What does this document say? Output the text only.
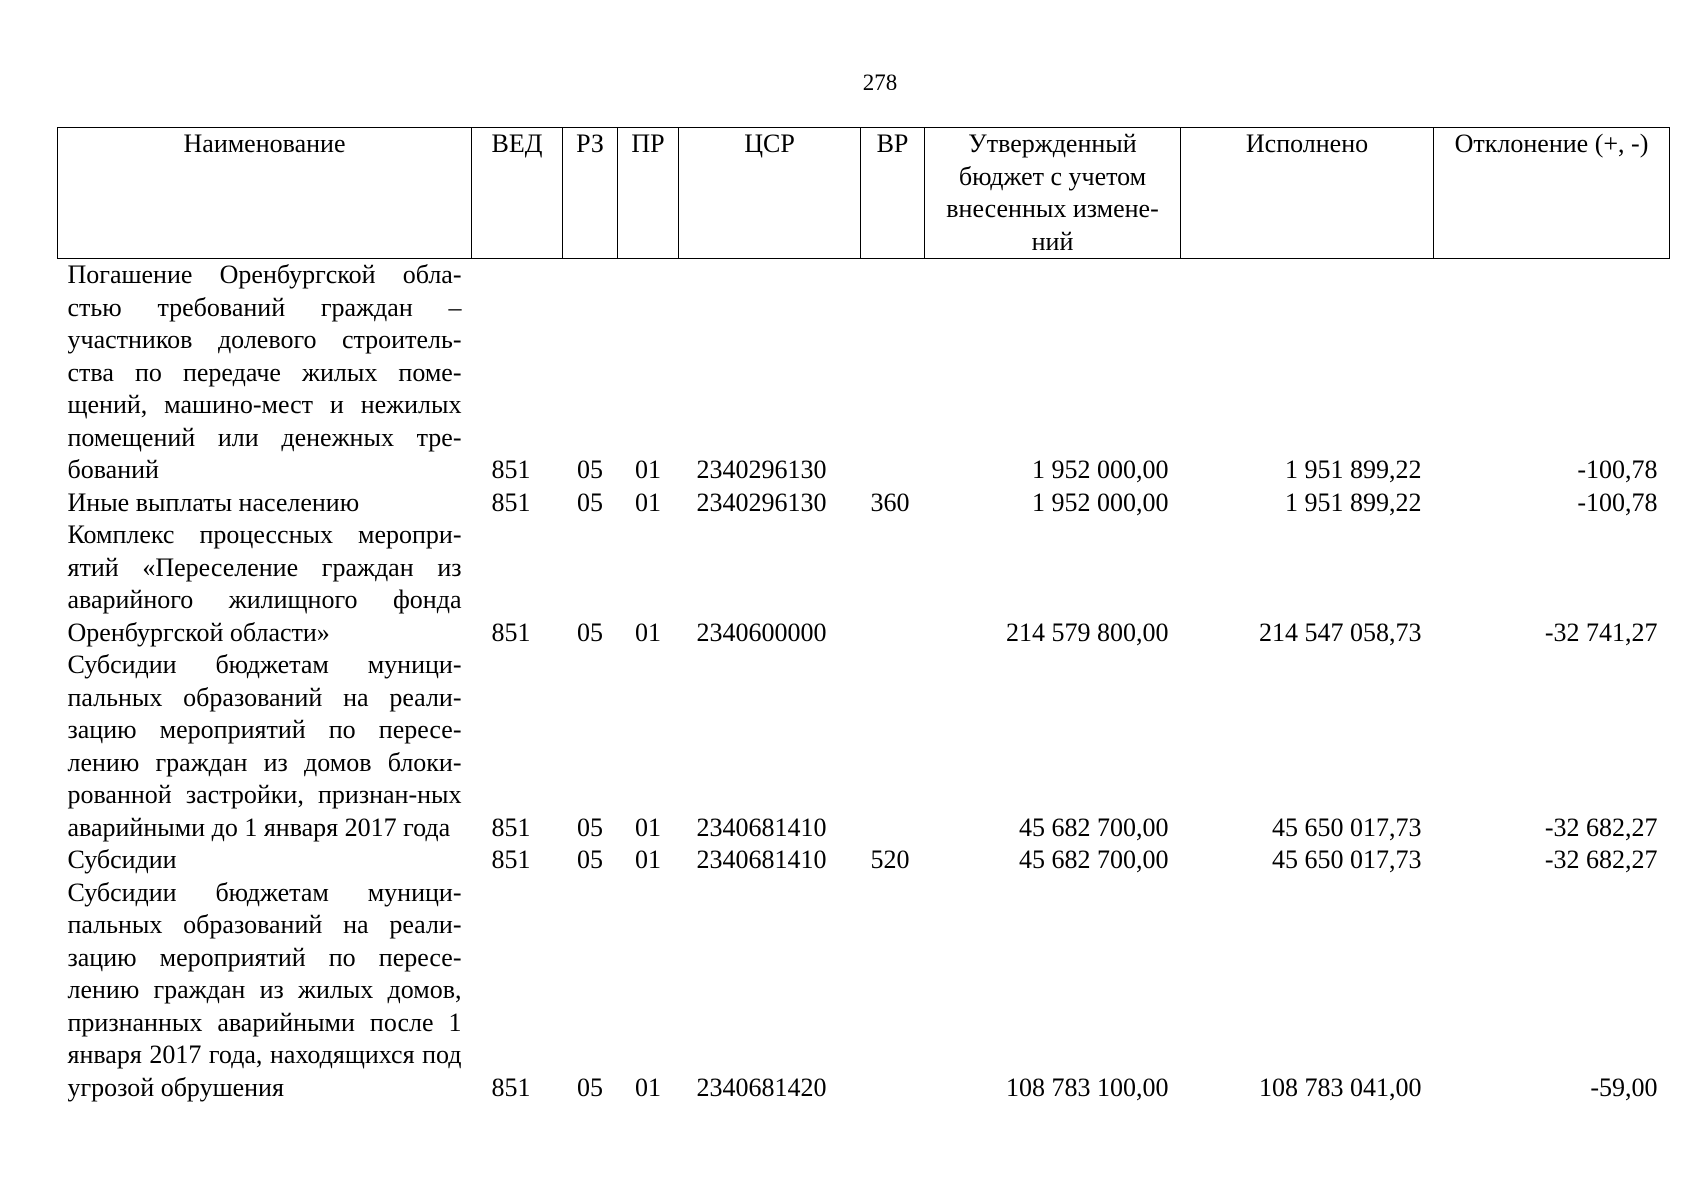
278
Наименование	ВЕД	РЗ	ПР	ЦСР	ВР	Утвержденный бюджет с учетом внесенных измене-ний	Исполнено	Отклонение (+, -)
Погашение Оренбургской обла-стью требований граждан – участников долевого строитель-ства по передаче жилых поме-щений, машино-мест и нежилых помещений или денежных тре-бований	851	05	01	2340296130		1 952 000,00	1 951 899,22	-100,78
Иные выплаты населению	851	05	01	2340296130	360	1 952 000,00	1 951 899,22	-100,78
Комплекс процессных меропри-ятий «Переселение граждан из аварийного жилищного фонда Оренбургской области»	851	05	01	2340600000		214 579 800,00	214 547 058,73	-32 741,27
Субсидии бюджетам муници-пальных образований на реали-зацию мероприятий по пересе-лению граждан из домов блоки-рованной застройки, признан-ных аварийными до 1 января 2017 года	851	05	01	2340681410		45 682 700,00	45 650 017,73	-32 682,27
Субсидии	851	05	01	2340681410	520	45 682 700,00	45 650 017,73	-32 682,27
Субсидии бюджетам муници-пальных образований на реали-зацию мероприятий по пересе-лению граждан из жилых домов, признанных аварийными после 1 января 2017 года, находящихся под угрозой обрушения	851	05	01	2340681420		108 783 100,00	108 783 041,00	-59,00
